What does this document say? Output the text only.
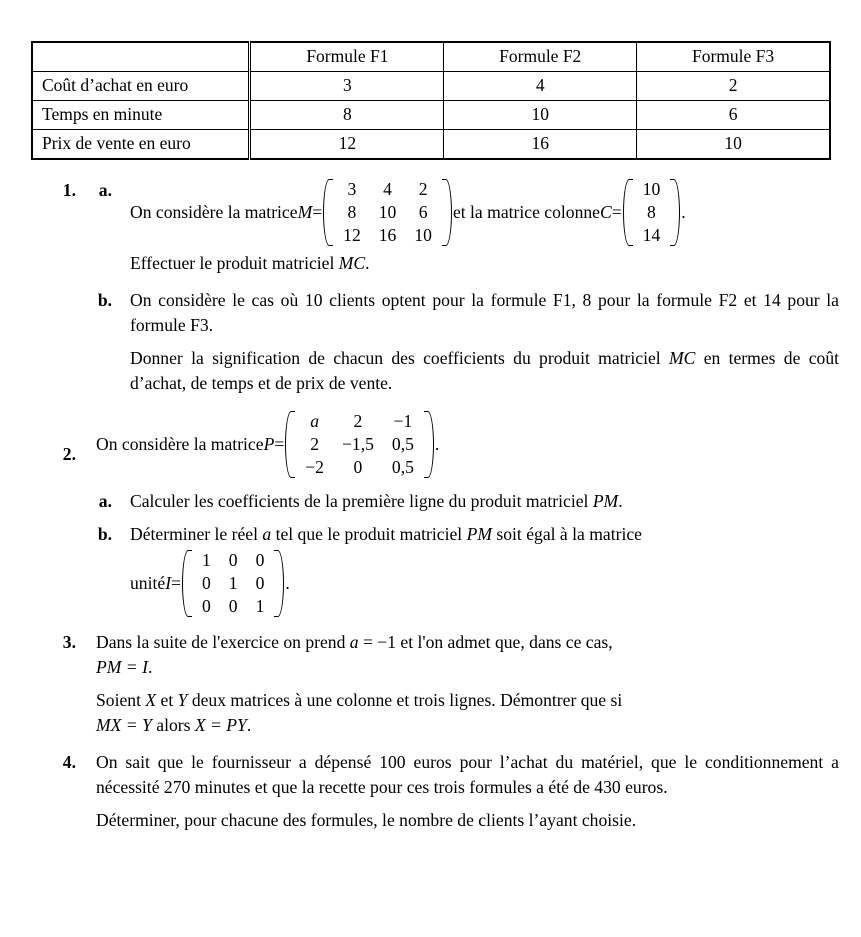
	Formule F1	Formule F2	Formule F3
Coût d’achat en euro	3	4	2
Temps en minute	8	10	6
Prix de vente en euro	12	16	10
1.	a.
On considère la matrice M =
3	4	2
8	10	6
12	16	10
et la matrice colonne C =
10
8
14
.

Effectuer le produit matriciel MC.

b. On considère le cas où 10 clients optent pour la formule F1, 8 pour la formule F2 et 14 pour la formule F3.

Donner la signification de chacun des coefficients du produit matriciel MC en termes de coût d’achat, de temps et de prix de vente.

2. On considère la matrice P =
a	2	−1
2	−1,5	0,5
−2	0	0,5
.
a. Calculer les coefficients de la première ligne du produit matriciel PM.

b. Déterminer le réel a tel que le produit matriciel PM soit égal à la matrice

unité I =
1	0	0
0	1	0
0	0	1
.
3. Dans la suite de l'exercice on prend a = −1 et l'on admet que, dans ce cas,

PM = I.

Soient X et Y deux matrices à une colonne et trois lignes. Démontrer que si

MX = Y alors X = PY.

4. On sait que le fournisseur a dépensé 100 euros pour l’achat du matériel, que le conditionnement a nécessité 270 minutes et que la recette pour ces trois formules a été de 430 euros.

Déterminer, pour chacune des formules, le nombre de clients l’ayant choisie.
